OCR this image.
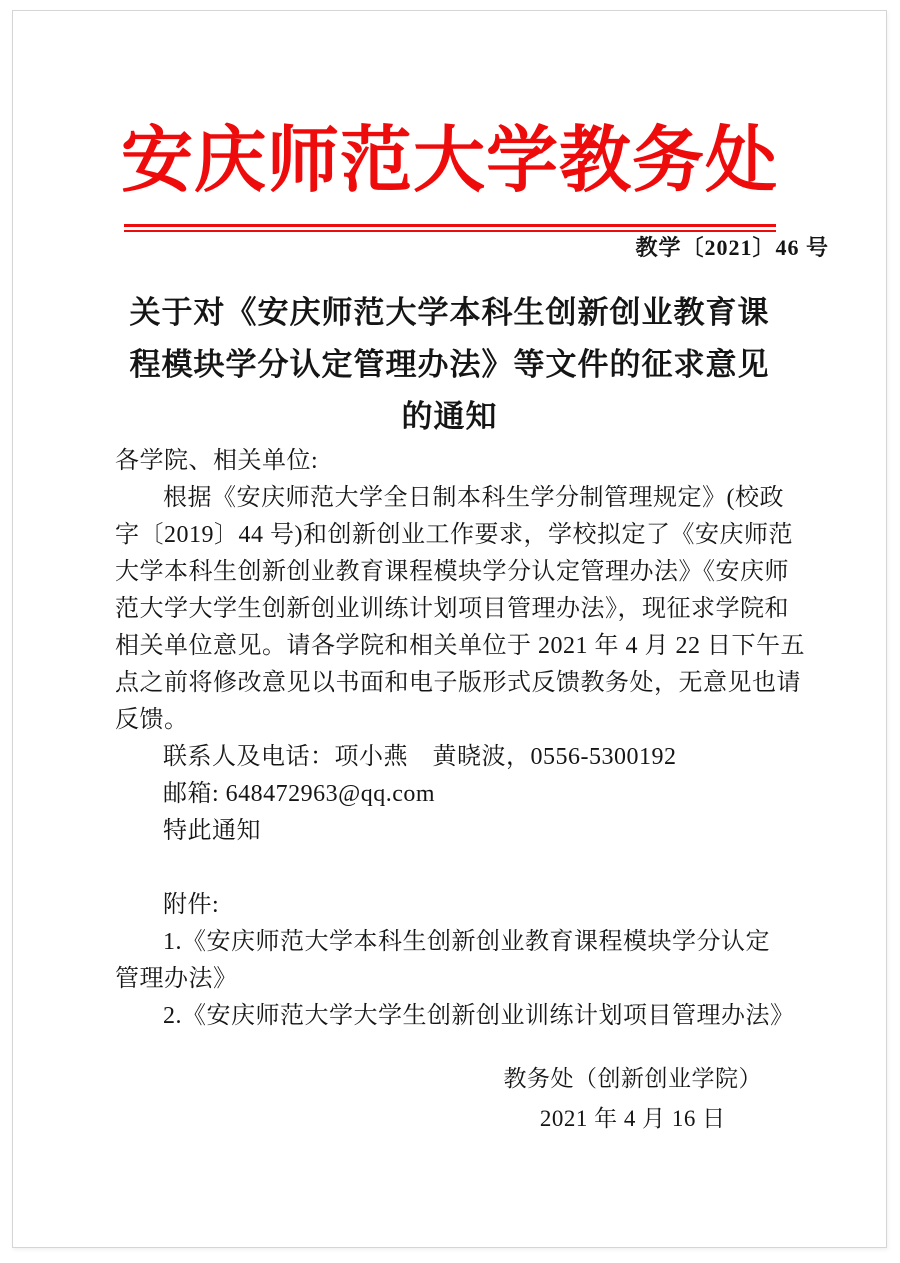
安庆师范大学教务处
教学〔2021〕46 号
关于对《安庆师范大学本科生创新创业教育课
程模块学分认定管理办法》等文件的征求意见
的通知
各学院、相关单位:
根据《安庆师范大学全日制本科生学分制管理规定》(校政
字〔2019〕44 号)和创新创业工作要求，学校拟定了《安庆师范
大学本科生创新创业教育课程模块学分认定管理办法》《安庆师
范大学大学生创新创业训练计划项目管理办法》，现征求学院和
相关单位意见。请各学院和相关单位于 2021 年 4 月 22 日下午五
点之前将修改意见以书面和电子版形式反馈教务处，无意见也请
反馈。
联系人及电话：项小燕　黄晓波，0556-5300192
邮箱: 648472963@qq.com
特此通知
附件:
1.《安庆师范大学本科生创新创业教育课程模块学分认定
管理办法》
2.《安庆师范大学大学生创新创业训练计划项目管理办法》
教务处（创新创业学院）
2021 年 4 月 16 日
